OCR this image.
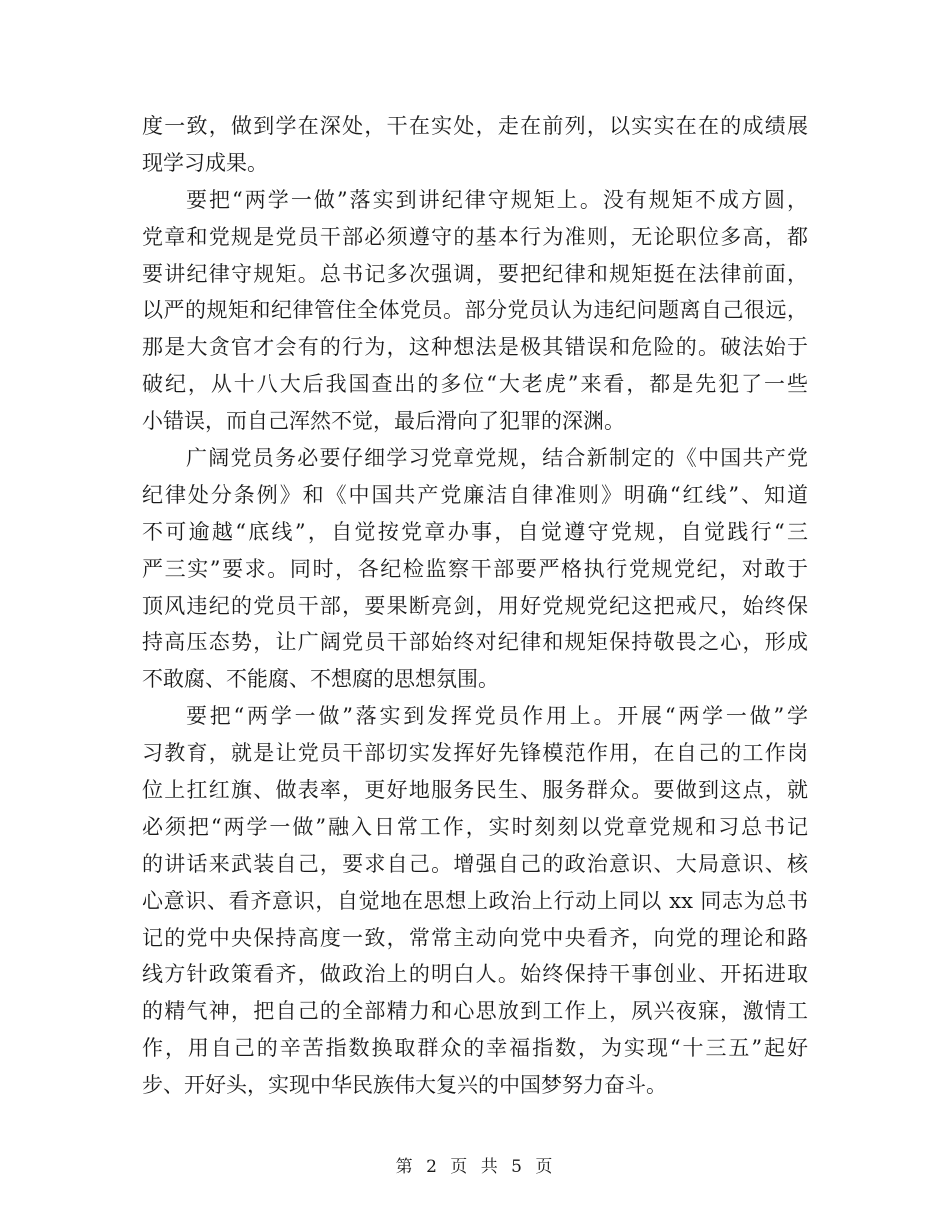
度一致，做到学在深处，干在实处，走在前列，以实实在在的成绩展
现学习成果。
要把“两学一做”落实到讲纪律守规矩上。没有规矩不成方圆，
党章和党规是党员干部必须遵守的基本行为准则，无论职位多高，都
要讲纪律守规矩。总书记多次强调，要把纪律和规矩挺在法律前面，
以严的规矩和纪律管住全体党员。部分党员认为违纪问题离自己很远，
那是大贪官才会有的行为，这种想法是极其错误和危险的。破法始于
破纪，从十八大后我国查出的多位“大老虎”来看，都是先犯了一些
小错误，而自己浑然不觉，最后滑向了犯罪的深渊。
广阔党员务必要仔细学习党章党规，结合新制定的《中国共产党
纪律处分条例》和《中国共产党廉洁自律准则》明确“红线”、知道
不可逾越“底线”，自觉按党章办事，自觉遵守党规，自觉践行“三
严三实”要求。同时，各纪检监察干部要严格执行党规党纪，对敢于
顶风违纪的党员干部，要果断亮剑，用好党规党纪这把戒尺，始终保
持高压态势，让广阔党员干部始终对纪律和规矩保持敬畏之心，形成
不敢腐、不能腐、不想腐的思想氛围。
要把“两学一做”落实到发挥党员作用上。开展“两学一做”学
习教育，就是让党员干部切实发挥好先锋模范作用，在自己的工作岗
位上扛红旗、做表率，更好地服务民生、服务群众。要做到这点，就
必须把“两学一做”融入日常工作，实时刻刻以党章党规和习总书记
的讲话来武装自己，要求自己。增强自己的政治意识、大局意识、核
心意识、看齐意识，自觉地在思想上政治上行动上同以 xx 同志为总书
记的党中央保持高度一致，常常主动向党中央看齐，向党的理论和路
线方针政策看齐，做政治上的明白人。始终保持干事创业、开拓进取
的精气神，把自己的全部精力和心思放到工作上，夙兴夜寐，激情工
作，用自己的辛苦指数换取群众的幸福指数，为实现“十三五”起好
步、开好头，实现中华民族伟大复兴的中国梦努力奋斗。
第 2 页 共 5 页
